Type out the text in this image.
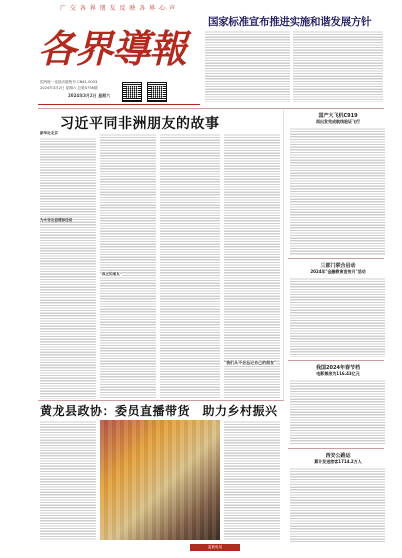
广 交 各 界 朋 友 反 映 各 界 心 声
各界導報
国内统一连续出版物号 CN61-0003
2024年3月2日 星期六 总第5756期
2024年3月2日 星期六
国家标准宣布推进实施和谐发展方针
习近平同非洲朋友的故事
新华社北京
为中非友谊增添佳话
"真正的朋友"
"我们从不会忘记自己的朋友"
国产大飞机C919
再出发完成航线验证飞行
三部门联合启动
2024年"金融教育宣传月"活动
我国2024年春节档
电影票房为116.43亿元
西安公路运
累计发送旅客1714.2万人
黄龙县政协：委员直播带货　助力乡村振兴
监督电话
